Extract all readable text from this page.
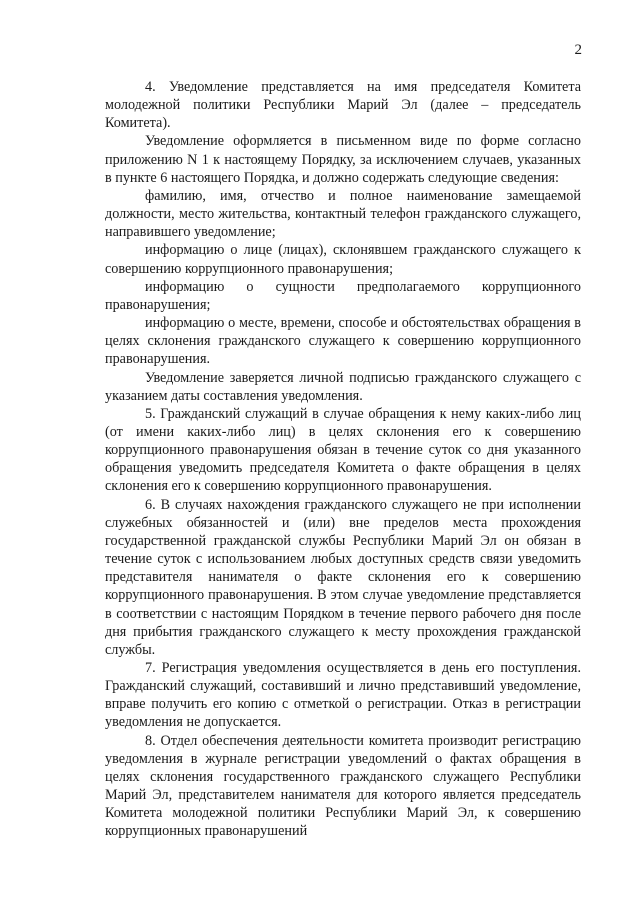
2

4. Уведомление представляется на имя председателя Комитета молодежной политики Республики Марий Эл (далее – председатель Комитета).

Уведомление оформляется в письменном виде по форме согласно приложению N 1 к настоящему Порядку, за исключением случаев, указанных в пункте 6 настоящего Порядка, и должно содержать следующие сведения:

фамилию, имя, отчество и полное наименование замещаемой должности, место жительства, контактный телефон гражданского служащего, направившего уведомление;

информацию о лице (лицах), склонявшем гражданского служащего к совершению коррупционного правонарушения;

информацию о сущности предполагаемого коррупционного правонарушения;

информацию о месте, времени, способе и обстоятельствах обращения в целях склонения гражданского служащего к совершению коррупционного правонарушения.

Уведомление заверяется личной подписью гражданского служащего с указанием даты составления уведомления.

5. Гражданский служащий в случае обращения к нему каких-либо лиц (от имени каких-либо лиц) в целях склонения его к совершению коррупционного правонарушения обязан в течение суток со дня указанного обращения уведомить председателя Комитета о факте обращения в целях склонения его к совершению коррупционного правонарушения.

6. В случаях нахождения гражданского служащего не при исполнении служебных обязанностей и (или) вне пределов места прохождения государственной гражданской службы Республики Марий Эл он обязан в течение суток с использованием любых доступных средств связи уведомить представителя нанимателя о факте склонения его к совершению коррупционного правонарушения. В этом случае уведомление представляется в соответствии с настоящим Порядком в течение первого рабочего дня после дня прибытия гражданского служащего к месту прохождения гражданской службы.

7. Регистрация уведомления осуществляется в день его поступления. Гражданский служащий, составивший и лично представивший уведомление, вправе получить его копию с отметкой о регистрации. Отказ в регистрации уведомления не допускается.

8. Отдел обеспечения деятельности комитета производит регистрацию уведомления в журнале регистрации уведомлений о фактах обращения в целях склонения государственного гражданского служащего Республики Марий Эл, представителем нанимателя для которого является председатель Комитета молодежной политики Республики Марий Эл, к совершению коррупционных правонарушений
